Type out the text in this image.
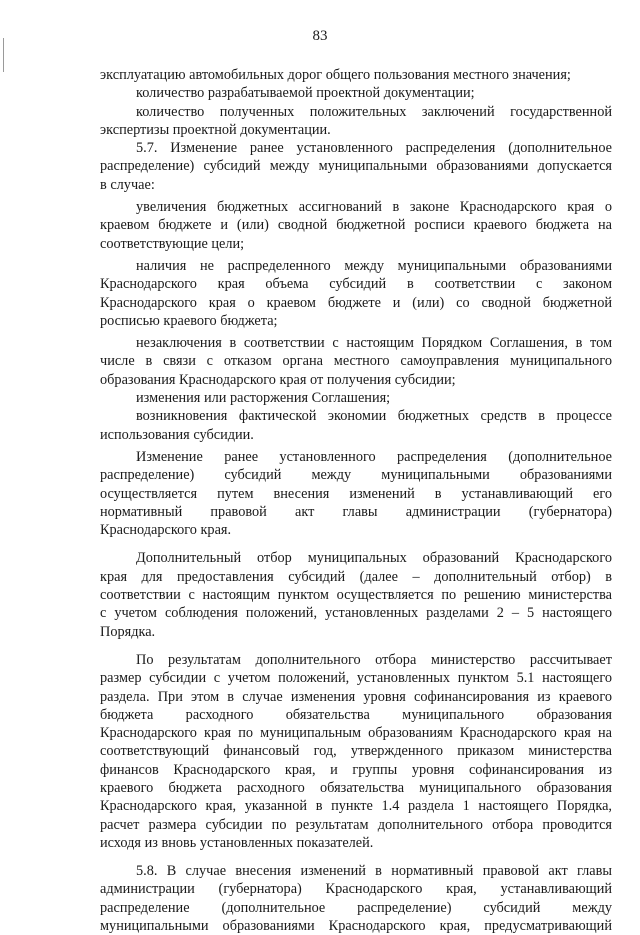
83
эксплуатацию автомобильных дорог общего пользования местного значения;
количество разрабатываемой проектной документации;
количество полученных положительных заключений государственной
экспертизы проектной документации.
5.7. Изменение ранее установленного распределения (дополнительное
распределение) субсидий между муниципальными образованиями допускается
в случае:
увеличения бюджетных ассигнований в законе Краснодарского края о
краевом бюджете и (или) сводной бюджетной росписи краевого бюджета на
соответствующие цели;
наличия не распределенного между муниципальными образованиями
Краснодарского края объема субсидий в соответствии с законом
Краснодарского края о краевом бюджете и (или) со сводной бюджетной
росписью краевого бюджета;
незаключения в соответствии с настоящим Порядком Соглашения, в том
числе в связи с отказом органа местного самоуправления муниципального
образования Краснодарского края от получения субсидии;
изменения или расторжения Соглашения;
возникновения фактической экономии бюджетных средств в процессе
использования субсидии.
Изменение ранее установленного распределения (дополнительное
распределение) субсидий между муниципальными образованиями
осуществляется путем внесения изменений в устанавливающий его
нормативный правовой акт главы администрации (губернатора)
Краснодарского края.
Дополнительный отбор муниципальных образований Краснодарского
края для предоставления субсидий (далее – дополнительный отбор) в
соответствии с настоящим пунктом осуществляется по решению министерства
с учетом соблюдения положений, установленных разделами 2 – 5 настоящего
Порядка.
По результатам дополнительного отбора министерство рассчитывает
размер субсидии с учетом положений, установленных пунктом 5.1 настоящего
раздела. При этом в случае изменения уровня софинансирования из краевого
бюджета расходного обязательства муниципального образования
Краснодарского края по муниципальным образованиям Краснодарского края на
соответствующий финансовый год, утвержденного приказом министерства
финансов Краснодарского края, и группы уровня софинансирования из
краевого бюджета расходного обязательства муниципального образования
Краснодарского края, указанной в пункте 1.4 раздела 1 настоящего Порядка,
расчет размера субсидии по результатам дополнительного отбора проводится
исходя из вновь установленных показателей.
5.8. В случае внесения изменений в нормативный правовой акт главы
администрации (губернатора) Краснодарского края, устанавливающий
распределение (дополнительное распределение) субсидий между
муниципальными образованиями Краснодарского края, предусматривающий
